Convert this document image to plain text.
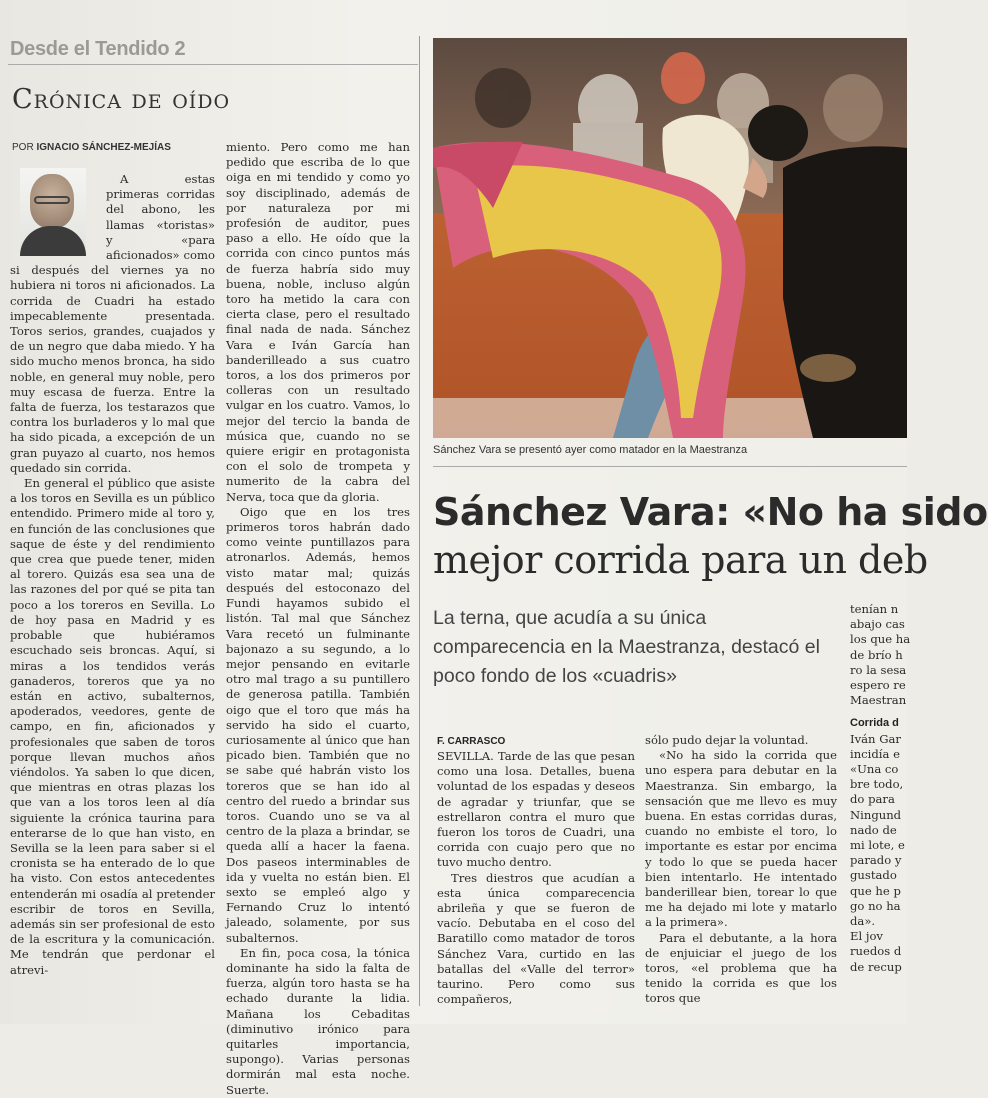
Desde el Tendido 2
Crónica de oído
POR IGNACIO SÁNCHEZ-MEJÍAS

A estas primeras corridas del abono, les llamas «toristas» y «para aficionados» como si después del viernes ya no hubiera ni toros ni aficionados. La corrida de Cuadri ha estado impecablemente presentada. Toros serios, grandes, cuajados y de un negro que daba miedo. Y ha sido mucho menos bronca, ha sido noble, en general muy noble, pero muy escasa de fuerza. Entre la falta de fuerza, los testarazos que contra los burladeros y lo mal que ha sido picada, a excepción de un gran puyazo al cuarto, nos hemos quedado sin corrida.

En general el público que asiste a los toros en Sevilla es un público entendido. Primero mide al toro y, en función de las conclusiones que saque de éste y del rendimiento que crea que puede tener, miden al torero. Quizás esa sea una de las razones del por qué se pita tan poco a los toreros en Sevilla. Lo de hoy pasa en Madrid y es probable que hubiéramos escuchado seis broncas. Aquí, si miras a los tendidos verás ganaderos, toreros que ya no están en activo, subalternos, apoderados, veedores, gente de campo, en fin, aficionados y profesionales que saben de toros porque llevan muchos años viéndolos. Ya saben lo que dicen, que mientras en otras plazas los que van a los toros leen al día siguiente la crónica taurina para enterarse de lo que han visto, en Sevilla se la leen para saber si el cronista se ha enterado de lo que ha visto. Con estos antecedentes entenderán mi osadía al pretender escribir de toros en Sevilla, además sin ser profesional de esto de la escritura y la comunicación. Me tendrán que perdonar el atrevi-

miento. Pero como me han pedido que escriba de lo que oiga en mi tendido y como yo soy disciplinado, además de por naturaleza por mi profesión de auditor, pues paso a ello. He oído que la corrida con cinco puntos más de fuerza habría sido muy buena, noble, incluso algún toro ha metido la cara con cierta clase, pero el resultado final nada de nada. Sánchez Vara e Iván García han banderilleado a sus cuatro toros, a los dos primeros por colleras con un resultado vulgar en los cuatro. Vamos, lo mejor del tercio la banda de música que, cuando no se quiere erigir en protagonista con el solo de trompeta y numerito de la cabra del Nerva, toca que da gloria.

Oigo que en los tres primeros toros habrán dado como veinte puntillazos para atronarlos. Además, hemos visto matar mal; quizás después del estoconazo del Fundi hayamos subido el listón. Tal mal que Sánchez Vara recetó un fulminante bajonazo a su segundo, a lo mejor pensando en evitarle otro mal trago a su puntillero de generosa patilla. También oigo que el toro que más ha servido ha sido el cuarto, curiosamente al único que han picado bien. También que no se sabe qué habrán visto los toreros que se han ido al centro del ruedo a brindar sus toros. Cuando uno se va al centro de la plaza a brindar, se queda allí a hacer la faena. Dos paseos interminables de ida y vuelta no están bien. El sexto se empleó algo y Fernando Cruz lo intentó jaleado, solamente, por sus subalternos.

En fin, poca cosa, la tónica dominante ha sido la falta de fuerza, algún toro hasta se ha echado durante la lidia. Mañana los Cebaditas (diminutivo irónico para quitarles importancia, supongo). Varias personas dormirán mal esta noche. Suerte.

Sánchez Vara se presentó ayer como matador en la Maestranza
Sánchez Vara: «No ha sido
mejor corrida para un deb
La terna, que acudía a su única comparecencia en la Maestranza, destacó el poco fondo de los «cuadris»
tenían n
abajo cas
los que ha
de brío h
ro la sesa
espero re
Maestran
Corrida d
Iván Gar
incidía e
«Una co
bre todo,
do para
Ningund
nado de
mi lote, e
parado y
gustado
que he p
go no ha
da».
El jov
ruedos d
de recup
F. CARRASCO

SEVILLA. Tarde de las que pesan como una losa. Detalles, buena voluntad de los espadas y deseos de agradar y triunfar, que se estrellaron contra el muro que fueron los toros de Cuadri, una corrida con cuajo pero que no tuvo mucho dentro.

Tres diestros que acudían a esta única comparecencia abrileña y que se fueron de vacío. Debutaba en el coso del Baratillo como matador de toros Sánchez Vara, curtido en las batallas del «Valle del terror» taurino. Pero como sus compañeros,

sólo pudo dejar la voluntad.

«No ha sido la corrida que uno espera para debutar en la Maestranza. Sin embargo, la sensación que me llevo es muy buena. En estas corridas duras, cuando no embiste el toro, lo importante es estar por encima y todo lo que se pueda hacer bien intentarlo. He intentado banderillear bien, torear lo que me ha dejado mi lote y matarlo a la primera».

Para el debutante, a la hora de enjuiciar el juego de los toros, «el problema que ha tenido la corrida es que los toros que
